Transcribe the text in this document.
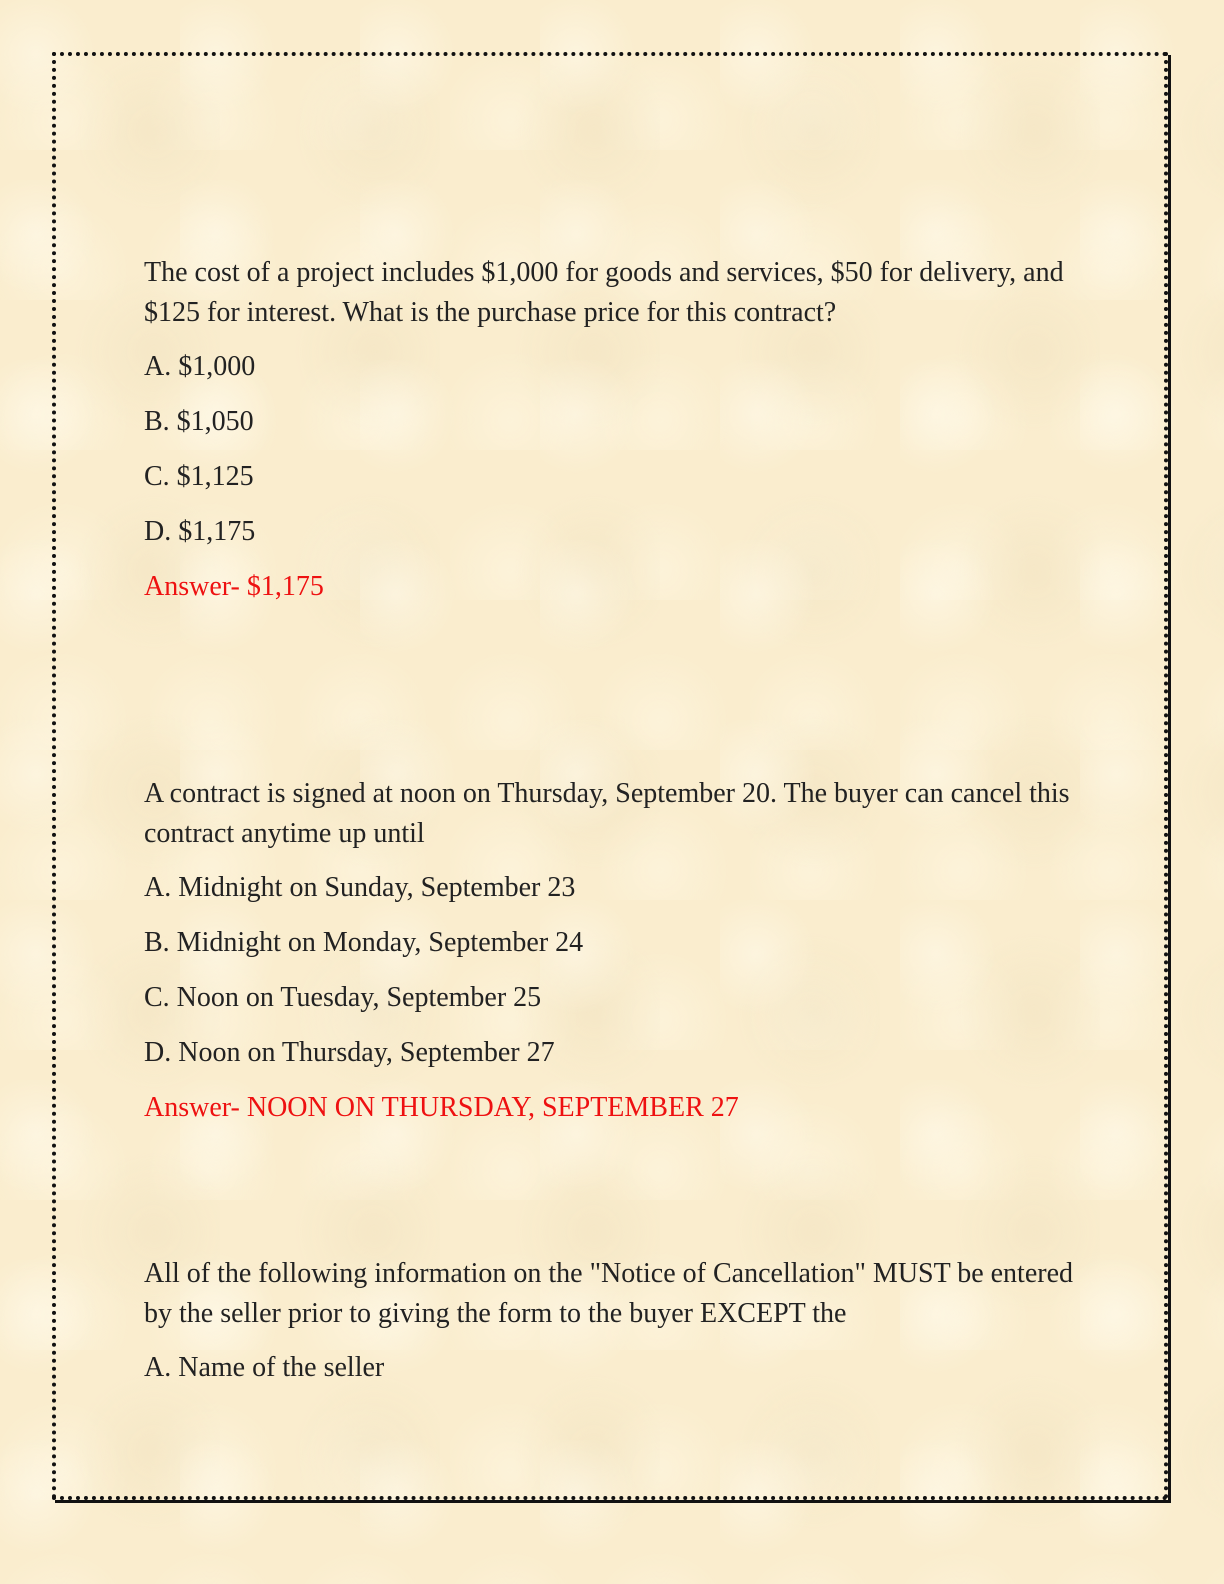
The cost of a project includes $1,000 for goods and services, $50 for delivery, and $125 for interest. What is the purchase price for this contract?

A. $1,000

B. $1,050

C. $1,125

D. $1,175

Answer- $1,175

A contract is signed at noon on Thursday, September 20. The buyer can cancel this contract anytime up until

A. Midnight on Sunday, September 23

B. Midnight on Monday, September 24

C. Noon on Tuesday, September 25

D. Noon on Thursday, September 27

Answer- NOON ON THURSDAY, SEPTEMBER 27

All of the following information on the "Notice of Cancellation" MUST be entered by the seller prior to giving the form to the buyer EXCEPT the

A. Name of the seller
